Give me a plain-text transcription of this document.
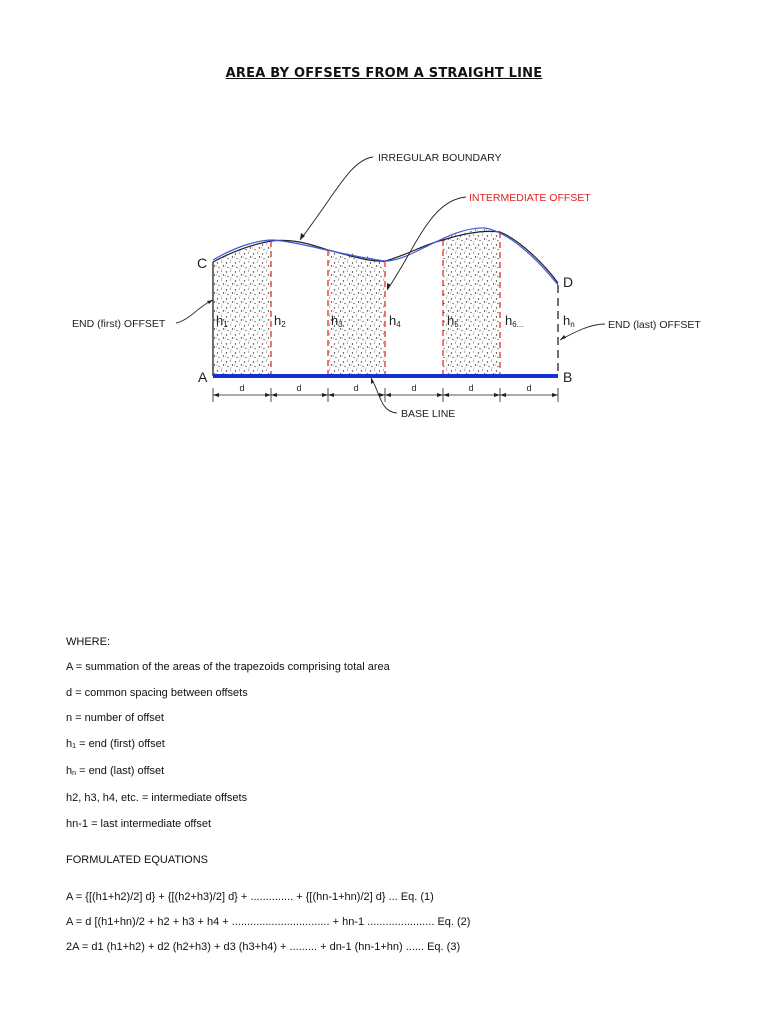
AREA BY OFFSETS FROM A STRAIGHT LINE
d	d	d	d	d	d
C
D
A	B
h1	h2	h3	h4	h5	h6...	hn
IRREGULAR BOUNDARY
INTERMEDIATE OFFSET
END (first) OFFSET	END (last) OFFSET
BASE LINE

WHERE:

A = summation of the areas of the trapezoids comprising total area

d = common spacing between offsets

n = number of offset

h1 = end (first) offset

hn = end (last) offset

h2, h3, h4, etc. = intermediate offsets

hn-1 = last intermediate offset

FORMULATED EQUATIONS

A = {[(h1+h2)/2] d} + {[(h2+h3)/2] d} + .............. + {[(hn-1+hn)/2] d} ... Eq. (1)

A = d [(h1+hn)/2 + h2 + h3 + h4 + ................................ + hn-1 ...................... Eq. (2)

2A = d1 (h1+h2) + d2 (h2+h3) + d3 (h3+h4) + ......... + dn-1 (hn-1+hn) ...... Eq. (3)
